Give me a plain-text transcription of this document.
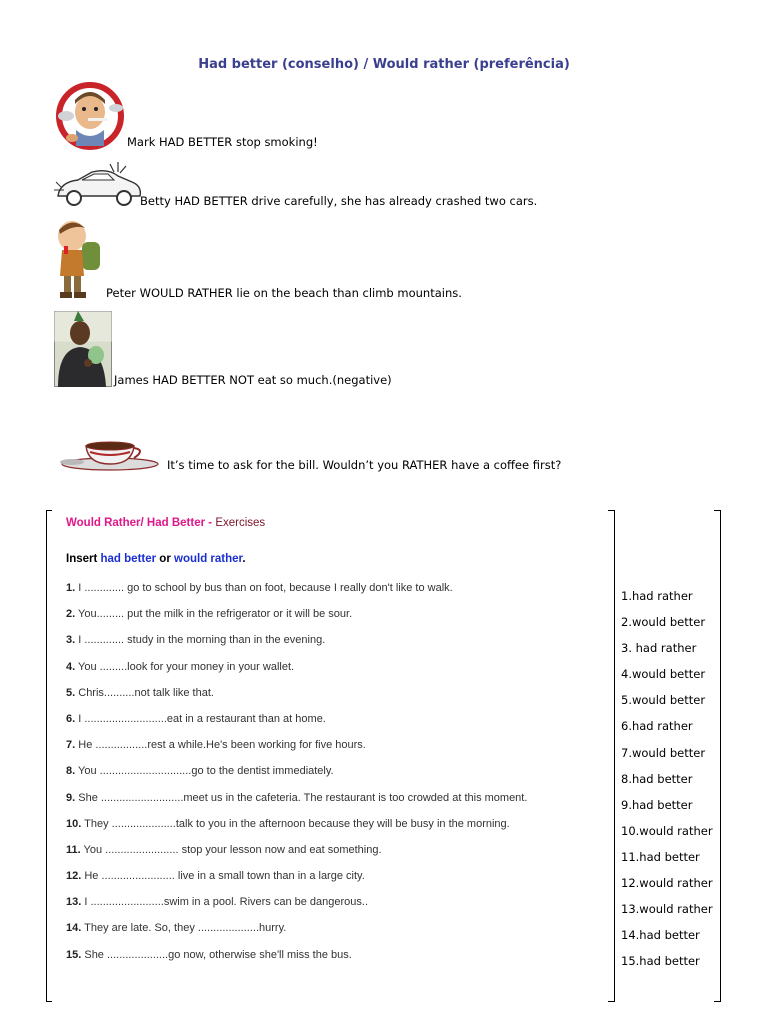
Had better (conselho) / Would rather (preferência)
Mark HAD BETTER stop smoking!
Betty HAD BETTER drive carefully, she has already crashed two cars.
Peter WOULD RATHER lie on the beach than climb mountains.
James HAD BETTER NOT eat so much.(negative)
It’s time to ask for the bill. Wouldn’t you RATHER have a coffee first?
Would Rather/ Had Better - Exercises
Insert had better or would rather.
1. I ............. go to school by bus than on foot, because I really don't like to walk.
2. You......... put the milk in the refrigerator or it will be sour.
3. I ............. study in the morning than in the evening.
4. You .........look for your money in your wallet.
5. Chris..........not talk like that.
6. I ...........................eat in a restaurant than at home.
7. He .................rest a while.He's been working for five hours.
8. You ..............................go to the dentist immediately.
9. She ...........................meet us in the cafeteria. The restaurant is too crowded at this moment.
10. They .....................talk to you in the afternoon because they will be busy in the morning.
11. You ........................ stop your lesson now and eat something.
12. He ........................ live in a small town than in a large city.
13. I ........................swim in a pool. Rivers can be dangerous..
14. They are late. So, they ....................hurry.
15. She ....................go now, otherwise she'll miss the bus.
1.had rather
2.would better
3. had rather
4.would better
5.would better
6.had rather
7.would better
8.had better
9.had better
10.would rather
11.had better
12.would rather
13.would rather
14.had better
15.had better
